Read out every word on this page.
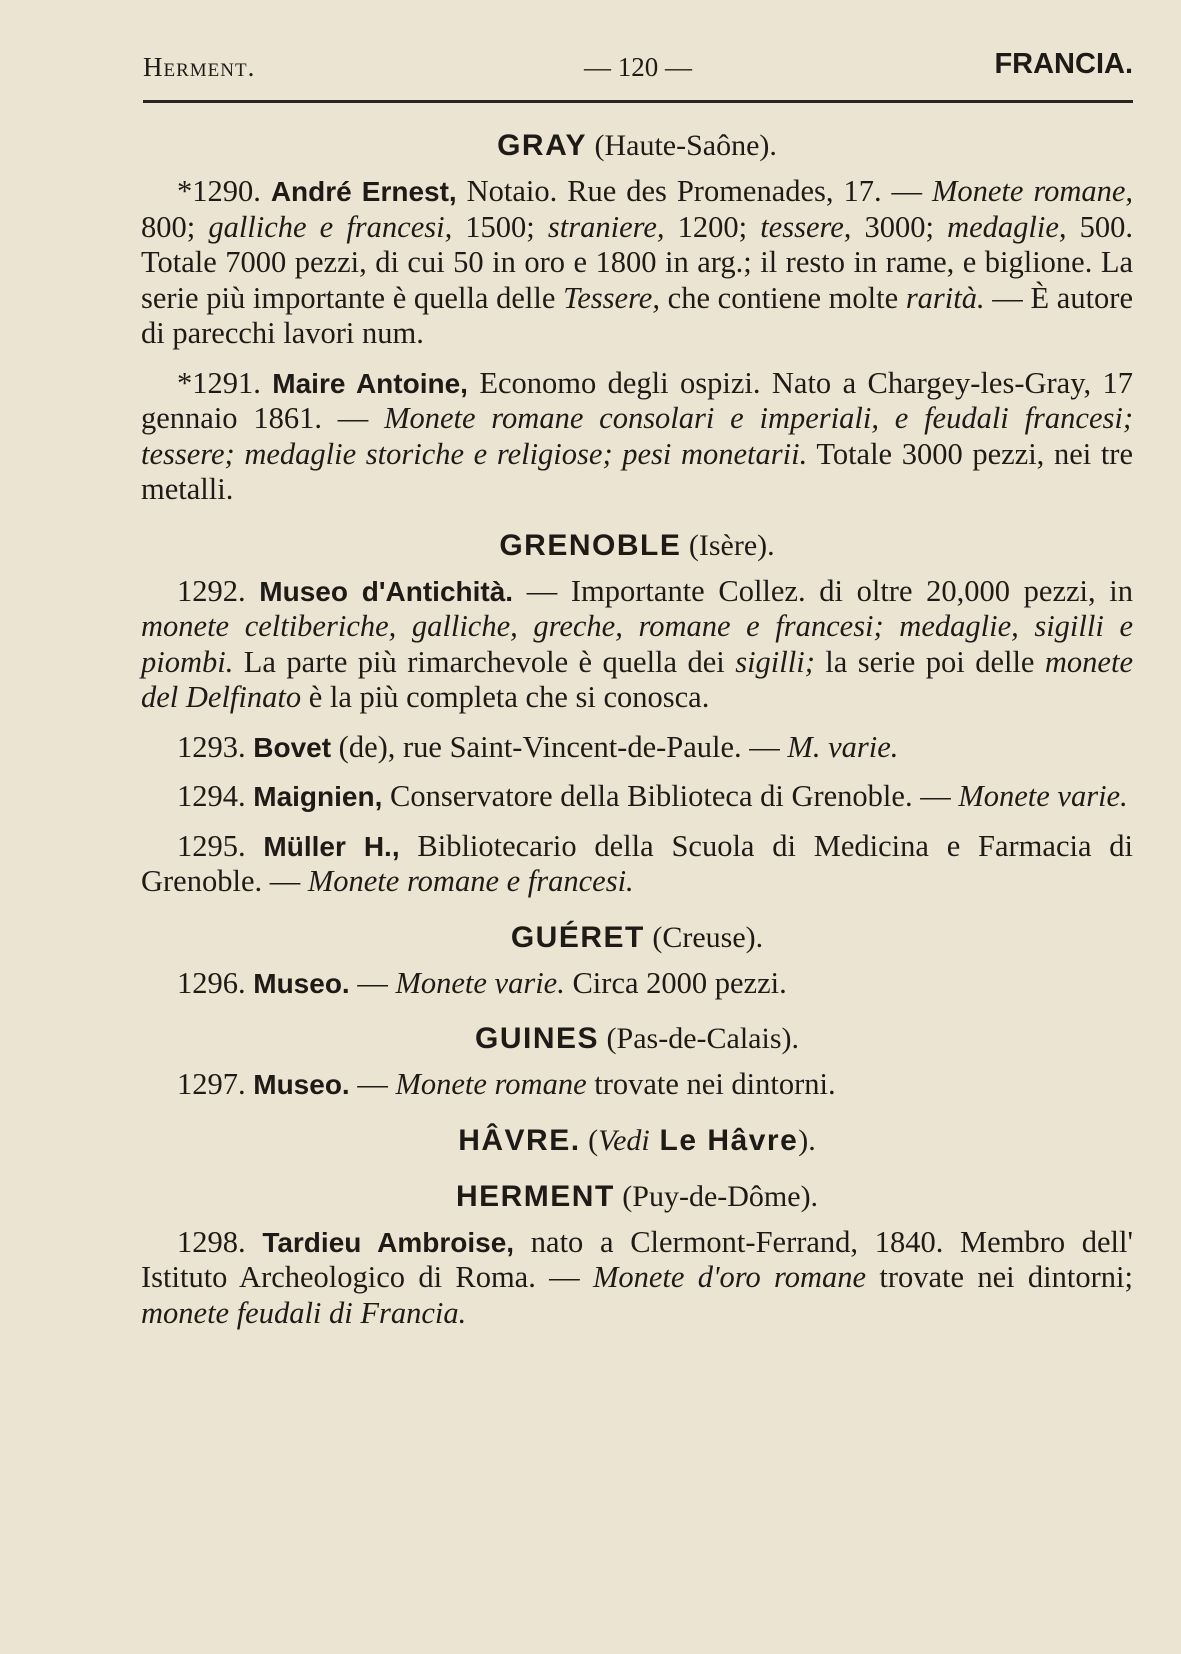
Herment.	— 120 —	FRANCIA.

GRAY (Haute-Saône).

*1290. André Ernest, Notaio. Rue des Promenades, 17. — Monete romane, 800; galliche e francesi, 1500; straniere, 1200; tessere, 3000; medaglie, 500. Totale 7000 pezzi, di cui 50 in oro e 1800 in arg.; il resto in rame, e biglione. La serie più importante è quella delle Tessere, che contiene molte rarità. — È autore di parecchi lavori num.

*1291. Maire Antoine, Economo degli ospizi. Nato a Chargey-les-Gray, 17 gennaio 1861. — Monete romane consolari e imperiali, e feudali francesi; tessere; medaglie storiche e religiose; pesi monetarii. Totale 3000 pezzi, nei tre metalli.

GRENOBLE (Isère).

1292. Museo d'Antichità. — Importante Collez. di oltre 20,000 pezzi, in monete celtiberiche, galliche, greche, romane e francesi; medaglie, sigilli e piombi. La parte più rimarchevole è quella dei sigilli; la serie poi delle monete del Delfinato è la più completa che si conosca.

1293. Bovet (de), rue Saint-Vincent-de-Paule. — M. varie.

1294. Maignien, Conservatore della Biblioteca di Grenoble. — Monete varie.

1295. Müller H., Bibliotecario della Scuola di Medicina e Farmacia di Grenoble. — Monete romane e francesi.

GUÉRET (Creuse).

1296. Museo. — Monete varie. Circa 2000 pezzi.

GUINES (Pas-de-Calais).

1297. Museo. — Monete romane trovate nei dintorni.

HÂVRE. (Vedi Le Hâvre).

HERMENT (Puy-de-Dôme).

1298. Tardieu Ambroise, nato a Clermont-Ferrand, 1840. Membro dell' Istituto Archeologico di Roma. — Monete d'oro romane trovate nei dintorni; monete feudali di Francia.
